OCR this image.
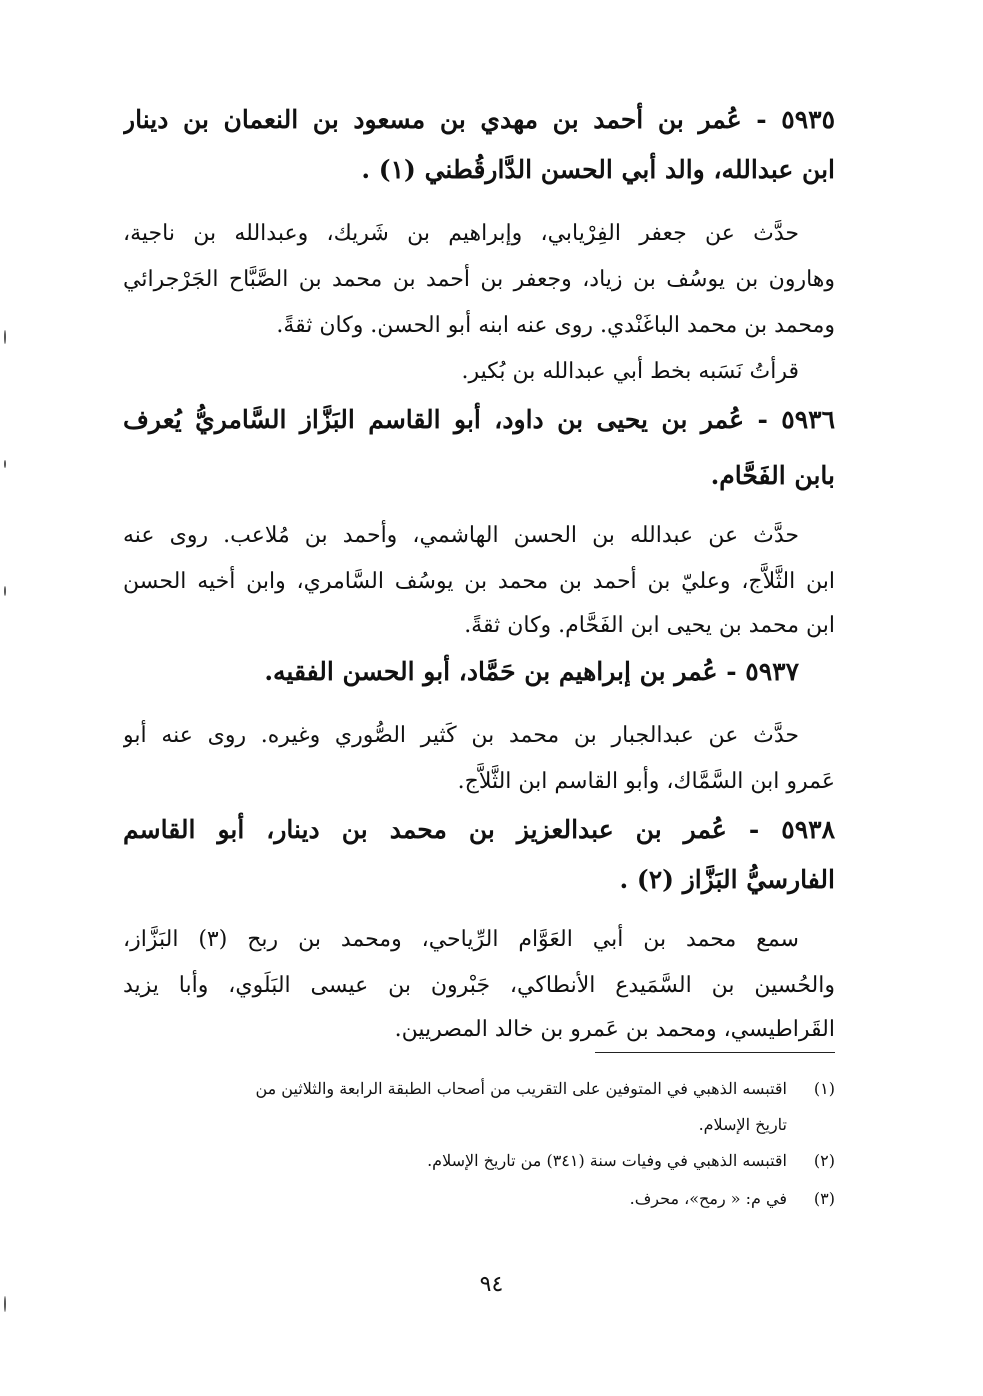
٥٩٣٥ - عُمر بن أحمد بن مهدي بن مسعود بن النعمان بن دينار
ابن عبدالله، والد أبي الحسن الدَّارقُطني (١) .
حدَّث عن جعفر الفِرْيابي، وإبراهيم بن شَريك، وعبدالله بن ناجية،
وهارون بن يوسُف بن زياد، وجعفر بن أحمد بن محمد بن الصَّبَّاح الجَرْجرائي
ومحمد بن محمد الباغَنْدي. روى عنه ابنه أبو الحسن. وكان ثقةً.
قرأتُ نَسَبه بخط أبي عبدالله بن بُكير.
٥٩٣٦ - عُمر بن يحيى بن داود، أبو القاسم البَزَّاز السَّامريُّ يُعرف
بابن الفَحَّام.
حدَّث عن عبدالله بن الحسن الهاشمي، وأحمد بن مُلاعب. روى عنه
ابن الثَّلاَّج، وعليّ بن أحمد بن محمد بن يوسُف السَّامري، وابن أخيه الحسن
ابن محمد بن يحيى ابن الفَحَّام. وكان ثقةً.
٥٩٣٧ - عُمر بن إبراهيم بن حَمَّاد، أبو الحسن الفقيه.
حدَّث عن عبدالجبار بن محمد بن كَثير الصُّوري وغيره. روى عنه أبو
عَمرو ابن السَّمَّاك، وأبو القاسم ابن الثَّلاَّج.
٥٩٣٨ - عُمر بن عبدالعزيز بن محمد بن دينار، أبو القاسم
الفارسيُّ البَزَّاز (٢) .
سمع محمد بن أبي العَوَّام الرِّياحي، ومحمد بن ربح (٣) البَزَّاز،
والحُسين بن السَّمَيدع الأنطاكي، جَبْرون بن عيسى البَلَوي، وأبا يزيد
القَراطيسي، ومحمد بن عَمرو بن خالد المصريين.
(١)اقتبسه الذهبي في المتوفين على التقريب من أصحاب الطبقة الرابعة والثلاثين من
تاريخ الإسلام.
(٢)اقتبسه الذهبي في وفيات سنة (٣٤١) من تاريخ الإسلام.
(٣)في م: « رمح»، محرف.
٩٤
